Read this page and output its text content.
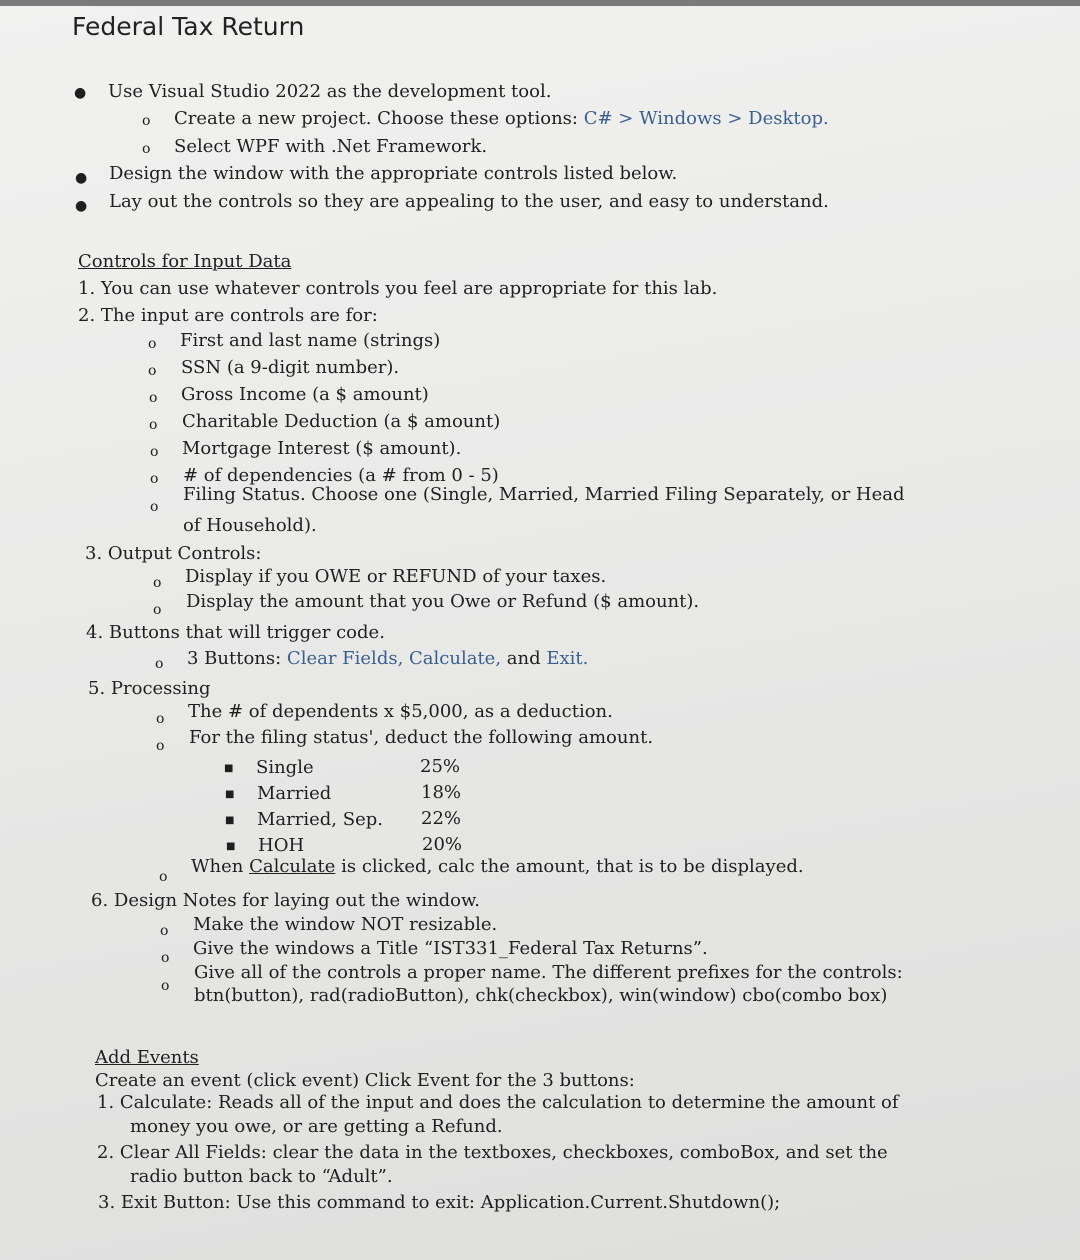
Federal Tax Return
● Use Visual Studio 2022 as the development tool.
o Create a new project. Choose these options: C# > Windows > Desktop.
o Select WPF with .Net Framework.
● Design the window with the appropriate controls listed below.
● Lay out the controls so they are appealing to the user, and easy to understand.
Controls for Input Data
1. You can use whatever controls you feel are appropriate for this lab.
2. The input are controls are for:
o First and last name (strings)
o SSN (a 9-digit number).
o Gross Income (a $ amount)
o Charitable Deduction (a $ amount)
o Mortgage Interest ($ amount).
o # of dependencies (a # from 0 - 5)
o
Filing Status. Choose one (Single, Married, Married Filing Separately, or Head
of Household).
3. Output Controls:
o Display if you OWE or REFUND of your taxes.
o Display the amount that you Owe or Refund ($ amount).
4. Buttons that will trigger code.
o 3 Buttons: Clear Fields, Calculate, and Exit.
5. Processing
o The # of dependents x $5,000, as a deduction.
o For the filing status', deduct the following amount.
■ Single	25%
■ Married	18%
■ Married, Sep. 22%
■ HOH	20%
o When Calculate is clicked, calc the amount, that is to be displayed.
6. Design Notes for laying out the window.
o Make the window NOT resizable.
o Give the windows a Title “IST331_Federal Tax Returns”.
o
Give all of the controls a proper name. The different prefixes for the controls:
btn(button), rad(radioButton), chk(checkbox), win(window) cbo(combo box)
Add Events
Create an event (click event) Click Event for the 3 buttons:
1. Calculate: Reads all of the input and does the calculation to determine the amount of
money you owe, or are getting a Refund.
2. Clear All Fields: clear the data in the textboxes, checkboxes, comboBox, and set the
radio button back to “Adult”.
3. Exit Button: Use this command to exit: Application.Current.Shutdown();
